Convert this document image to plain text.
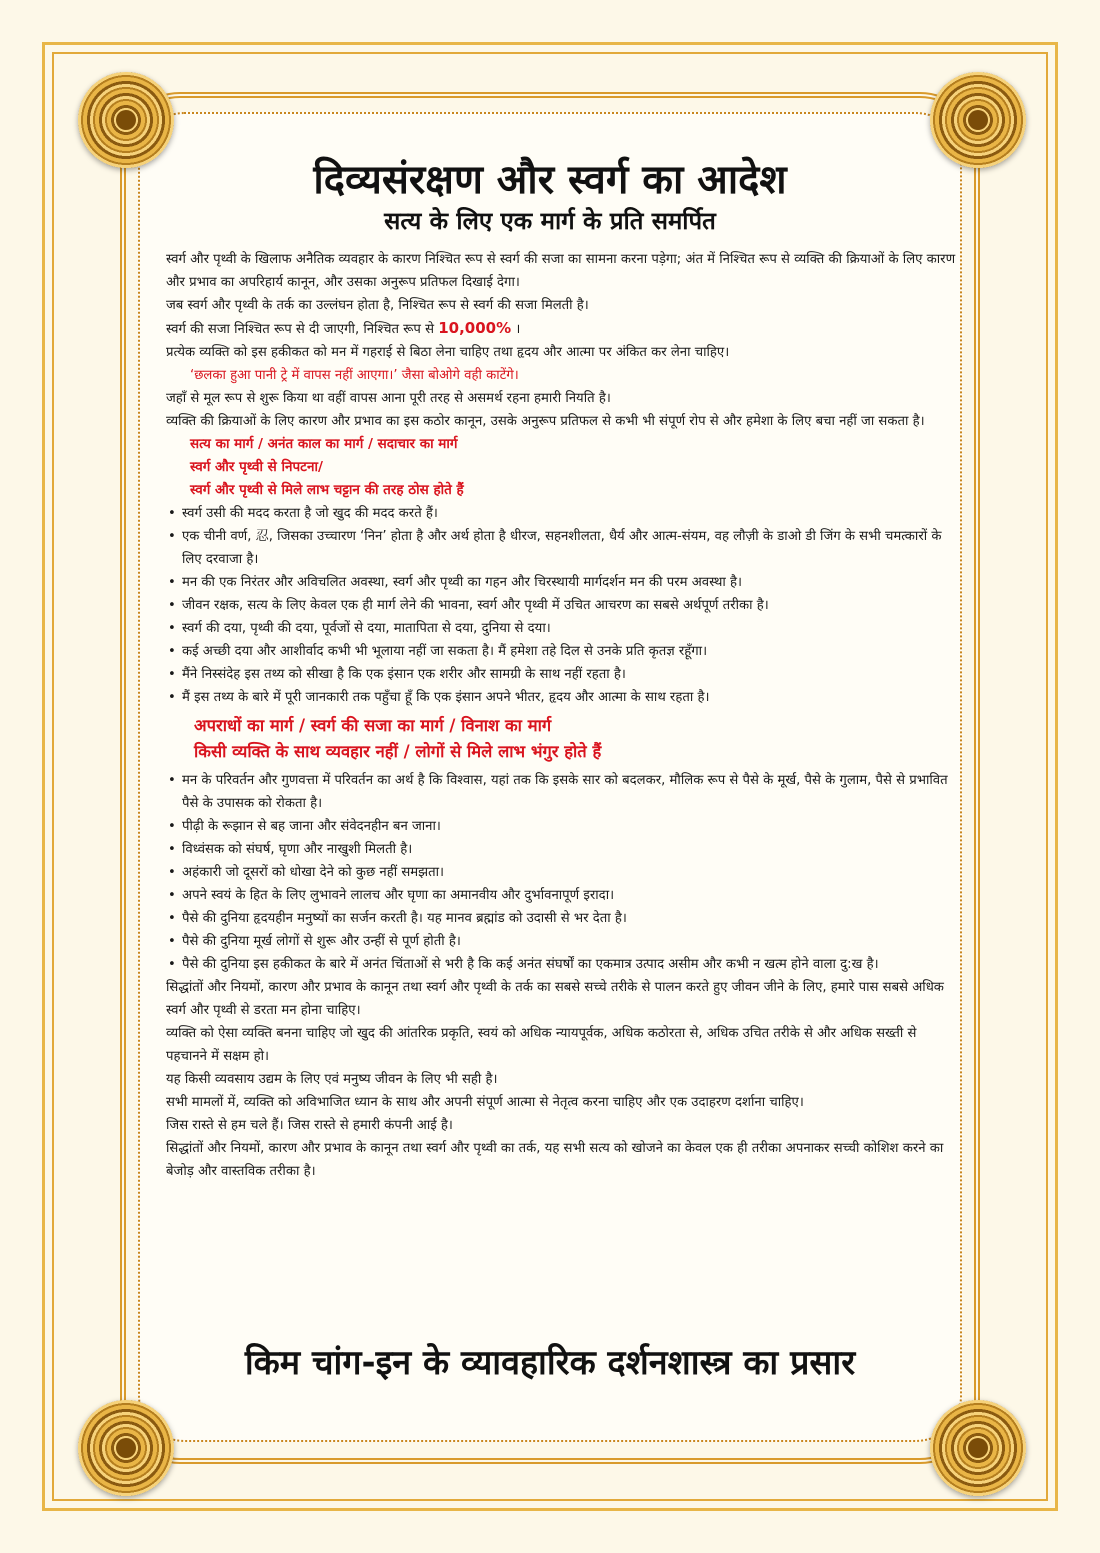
दिव्यसंरक्षण और स्वर्ग का आदेश
सत्य के लिए एक मार्ग के प्रति समर्पित

स्वर्ग और पृथ्वी के खिलाफ अनैतिक व्यवहार के कारण निश्चित रूप से स्वर्ग की सजा का सामना करना पड़ेगा; अंत में निश्चित रूप से व्यक्ति की क्रियाओं के लिए कारण और प्रभाव का अपरिहार्य कानून, और उसका अनुरूप प्रतिफल दिखाई देगा।

जब स्वर्ग और पृथ्वी के तर्क का उल्लंघन होता है, निश्चित रूप से स्वर्ग की सजा मिलती है।

स्वर्ग की सजा निश्चित रूप से दी जाएगी, निश्चित रूप से 10,000% ।

प्रत्येक व्यक्ति को इस हकीकत को मन में गहराई से बिठा लेना चाहिए तथा हृदय और आत्मा पर अंकित कर लेना चाहिए।

‘छलका हुआ पानी ट्रे में वापस नहीं आएगा।’ जैसा बोओगे वही काटेंगे।

जहाँ से मूल रूप से शुरू किया था वहीं वापस आना पूरी तरह से असमर्थ रहना हमारी नियति है।

व्यक्ति की क्रियाओं के लिए कारण और प्रभाव का इस कठोर कानून, उसके अनुरूप प्रतिफल से कभी भी संपूर्ण रोप से और हमेशा के लिए बचा नहीं जा सकता है।

सत्य का मार्ग / अनंत काल का मार्ग / सदाचार का मार्ग

स्वर्ग और पृथ्वी से निपटना/

स्वर्ग और पृथ्वी से मिले लाभ चट्टान की तरह ठोस होते हैं

• स्वर्ग उसी की मदद करता है जो खुद की मदद करते हैं।
• एक चीनी वर्ण, 忍, जिसका उच्चारण ‘निन’ होता है और अर्थ होता है धीरज, सहनशीलता, धैर्य और आत्म-संयम, वह लौज़ी के डाओ डी जिंग के सभी चमत्कारों के लिए दरवाजा है।
• मन की एक निरंतर और अविचलित अवस्था, स्वर्ग और पृथ्वी का गहन और चिरस्थायी मार्गदर्शन मन की परम अवस्था है।
• जीवन रक्षक, सत्य के लिए केवल एक ही मार्ग लेने की भावना, स्वर्ग और पृथ्वी में उचित आचरण का सबसे अर्थपूर्ण तरीका है।
• स्वर्ग की दया, पृथ्वी की दया, पूर्वजों से दया, मातापिता से दया, दुनिया से दया।
• कई अच्छी दया और आशीर्वाद कभी भी भूलाया नहीं जा सकता है। मैं हमेशा तहे दिल से उनके प्रति कृतज्ञ रहूँगा।
• मैंने निस्संदेह इस तथ्य को सीखा है कि एक इंसान एक शरीर और सामग्री के साथ नहीं रहता है।
• मैं इस तथ्य के बारे में पूरी जानकारी तक पहुँचा हूँ कि एक इंसान अपने भीतर, हृदय और आत्मा के साथ रहता है।

अपराधों का मार्ग / स्वर्ग की सजा का मार्ग / विनाश का मार्ग

किसी व्यक्ति के साथ व्यवहार नहीं / लोगों से मिले लाभ भंगुर होते हैं

• मन के परिवर्तन और गुणवत्ता में परिवर्तन का अर्थ है कि विश्वास, यहां तक कि इसके सार को बदलकर, मौलिक रूप से पैसे के मूर्ख, पैसे के गुलाम, पैसे से प्रभावित पैसे के उपासक को रोकता है।
• पीढ़ी के रूझान से बह जाना और संवेदनहीन बन जाना।
• विध्वंसक को संघर्ष, घृणा और नाखुशी मिलती है।
• अहंकारी जो दूसरों को धोखा देने को कुछ नहीं समझता।
• अपने स्वयं के हित के लिए लुभावने लालच और घृणा का अमानवीय और दुर्भावनापूर्ण इरादा।
• पैसे की दुनिया हृदयहीन मनुष्यों का सर्जन करती है। यह मानव ब्रह्मांड को उदासी से भर देता है।
• पैसे की दुनिया मूर्ख लोगों से शुरू और उन्हीं से पूर्ण होती है।
• पैसे की दुनिया इस हकीकत के बारे में अनंत चिंताओं से भरी है कि कई अनंत संघर्षों का एकमात्र उत्पाद असीम और कभी न खत्म होने वाला दु:ख है।

सिद्धांतों और नियमों, कारण और प्रभाव के कानून तथा स्वर्ग और पृथ्वी के तर्क का सबसे सच्चे तरीके से पालन करते हुए जीवन जीने के लिए, हमारे पास सबसे अधिक स्वर्ग और पृथ्वी से डरता मन होना चाहिए।

व्यक्ति को ऐसा व्यक्ति बनना चाहिए जो खुद की आंतरिक प्रकृति, स्वयं को अधिक न्यायपूर्वक, अधिक कठोरता से, अधिक उचित तरीके से और अधिक सख्ती से पहचानने में सक्षम हो।

यह किसी व्यवसाय उद्यम के लिए एवं मनुष्य जीवन के लिए भी सही है।

सभी मामलों में, व्यक्ति को अविभाजित ध्यान के साथ और अपनी संपूर्ण आत्मा से नेतृत्व करना चाहिए और एक उदाहरण दर्शाना चाहिए।

जिस रास्ते से हम चले हैं। जिस रास्ते से हमारी कंपनी आई है।

सिद्धांतों और नियमों, कारण और प्रभाव के कानून तथा स्वर्ग और पृथ्वी का तर्क, यह सभी सत्य को खोजने का केवल एक ही तरीका अपनाकर सच्ची कोशिश करने का बेजोड़ और वास्तविक तरीका है।

किम चांग-इन के व्यावहारिक दर्शनशास्त्र का प्रसार
